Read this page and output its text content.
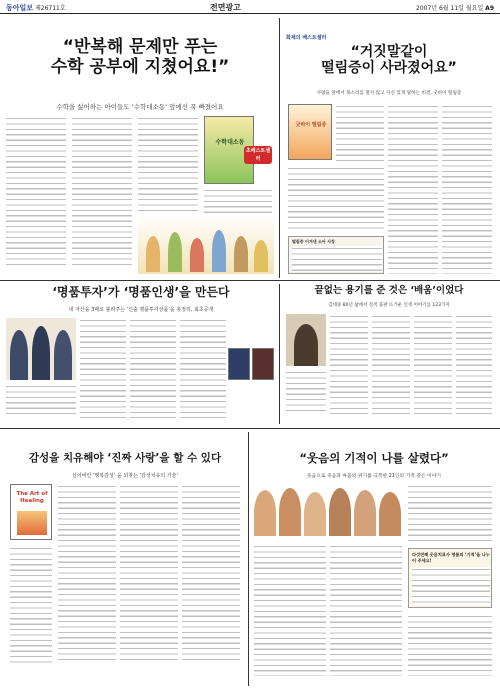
동아일보 제26711호	전면광고	2007년 6월 11일 월요일 A9
“반복해 문제만 푸는
수학 공부에 지쳤어요!”
수학을 싫어하는 아이들도 ‘수학대소동’ 앞에선 푹 빠졌어요
수학대소동
초베스트셀러
화제의 베스트셀러
“거짓말같이
떨림증이 사라졌어요”
사람들 앞에서 목소리를 떨지 않고 자신 있게 말하는 비결, 굿바이 떨림증
굿바이 떨림증
떨림증 이겨낸 소아 사장
‘명품투자’가 ‘명품인생’을 만든다
내 자산을 3배로 불려주는 ‘신출 맹플투자상품’을 총정리, 최초공개
끝없는 용기를 준 것은 ‘배움’이었다
김대중 80년 삶에서 전적 출판 뜨거운 인생 이야기를 123가지
감성을 치유해야 ‘진짜 사랑’을 할 수 있다
실어버린 ‘행복감성’ 을 되찾는 ‘감성치유의 기술’
The Art of
Healing
“웃음의 기적이 나를 살렸다”
웃음으로 죽음과 싸움의 위기를 극복한 21인의 기적 같은 이야기
다섯번째 웃음치료사 명품의 ‘기적’을 나누어 주세요!
